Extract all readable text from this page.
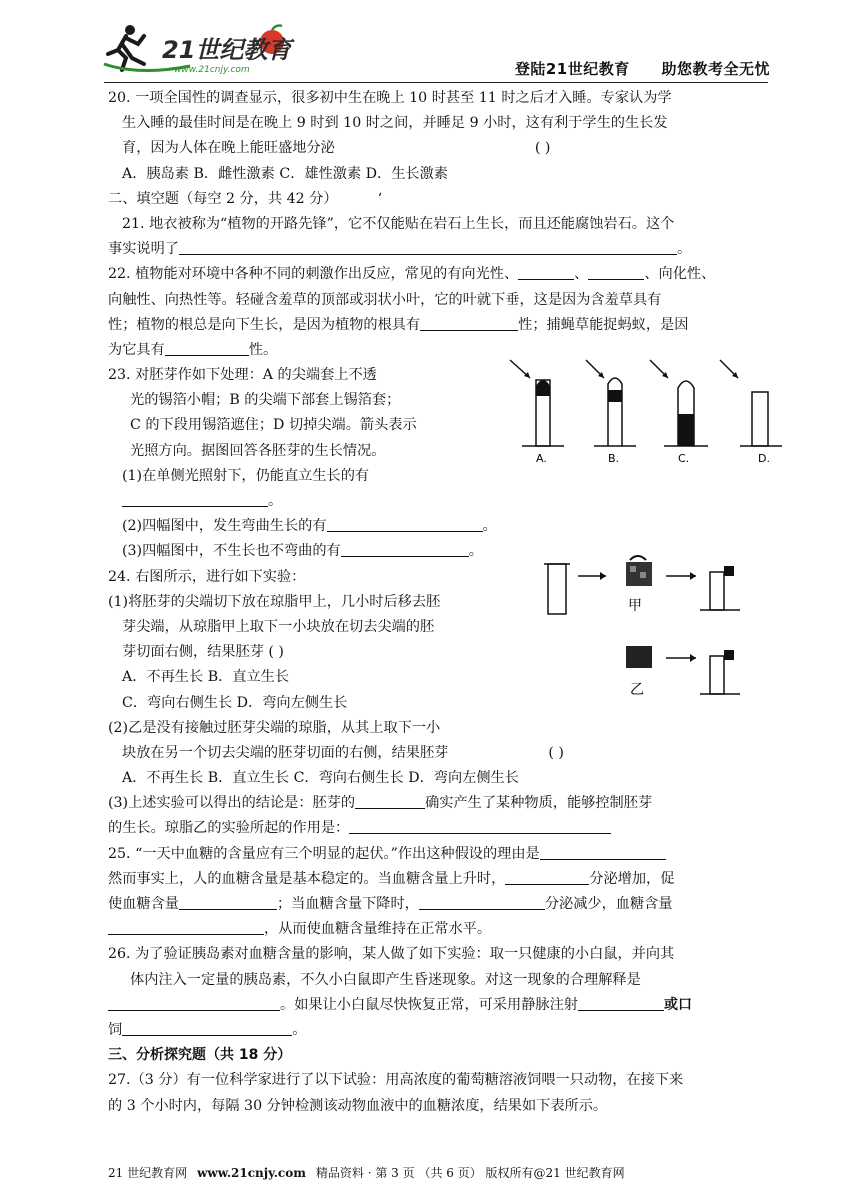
21世纪教育
www.21cnjy.com	登陆21世纪教育 助您教考全无忧
20. 一项全国性的调查显示，很多初中生在晚上 10 时甚至 11 时之后才入睡。专家认为学
生入睡的最佳时间是在晚上 9 时到 10 时之间，并睡足 9 小时，这有利于学生的生长发
育，因为人体在晚上能旺盛地分泌	( )
A．胰岛素 B．雌性激素 C．雄性激素 D．生长激素
二、填空题（每空 2 分，共 42 分）	‘
21. 地衣被称为“植物的开路先锋”，它不仅能贴在岩石上生长，而且还能腐蚀岩石。这个
事实说明了	。
22. 植物能对环境中各种不同的刺激作出反应，常见的有向光性、	、	、向化性、
向触性、向热性等。轻碰含羞草的顶部或羽状小叶，它的叶就下垂，这是因为含羞草具有
性；植物的根总是向下生长，是因为植物的根具有	性；捕蝇草能捉蚂蚁，是因
为它具有	性。
23. 对胚芽作如下处理：A 的尖端套上不透
光的锡箔小帽；B 的尖端下部套上锡箔套；
C 的下段用锡箔遮住；D 切掉尖端。箭头表示
光照方向。据图回答各胚芽的生长情况。
(1)在单侧光照射下，仍能直立生长的有
。
(2)四幅图中，发生弯曲生长的有	。
(3)四幅图中，不生长也不弯曲的有	。
24. 右图所示，进行如下实验：
(1)将胚芽的尖端切下放在琼脂甲上，几小时后移去胚
芽尖端，从琼脂甲上取下一小块放在切去尖端的胚
芽切面右侧，结果胚芽 ( )
A．不再生长 B．直立生长
C．弯向右侧生长 D．弯向左侧生长
(2)乙是没有接触过胚芽尖端的琼脂，从其上取下一小
块放在另一个切去尖端的胚芽切面的右侧，结果胚芽	( )
A．不再生长 B．直立生长 C．弯向右侧生长 D．弯向左侧生长
(3)上述实验可以得出的结论是：胚芽的	确实产生了某种物质，能够控制胚芽
的生长。琼脂乙的实验所起的作用是：
25. “一天中血糖的含量应有三个明显的起伏。”作出这种假设的理由是
然而事实上，人的血糖含量是基本稳定的。当血糖含量上升时，	分泌增加，促
使血糖含量	；当血糖含量下降时，	分泌减少，血糖含量
，从而使血糖含量维持在正常水平。
26. 为了验证胰岛素对血糖含量的影响，某人做了如下实验：取一只健康的小白鼠，并向其
体内注入一定量的胰岛素，不久小白鼠即产生昏迷现象。对这一现象的合理解释是
。如果让小白鼠尽快恢复正常，可采用静脉注射	或口
饲	。
三、分析探究题（共 18 分）
27.（3 分）有一位科学家进行了以下试验：用高浓度的葡萄糖溶液饲喂一只动物，在接下来
的 3 个小时内，每隔 30 分钟检测该动物血液中的血糖浓度，结果如下表所示。
A.	B.	C.	D.
甲
乙
21 世纪教育网 www.21cnjy.com 精品资料 · 第 3 页 （共 6 页） 版权所有@21 世纪教育网
